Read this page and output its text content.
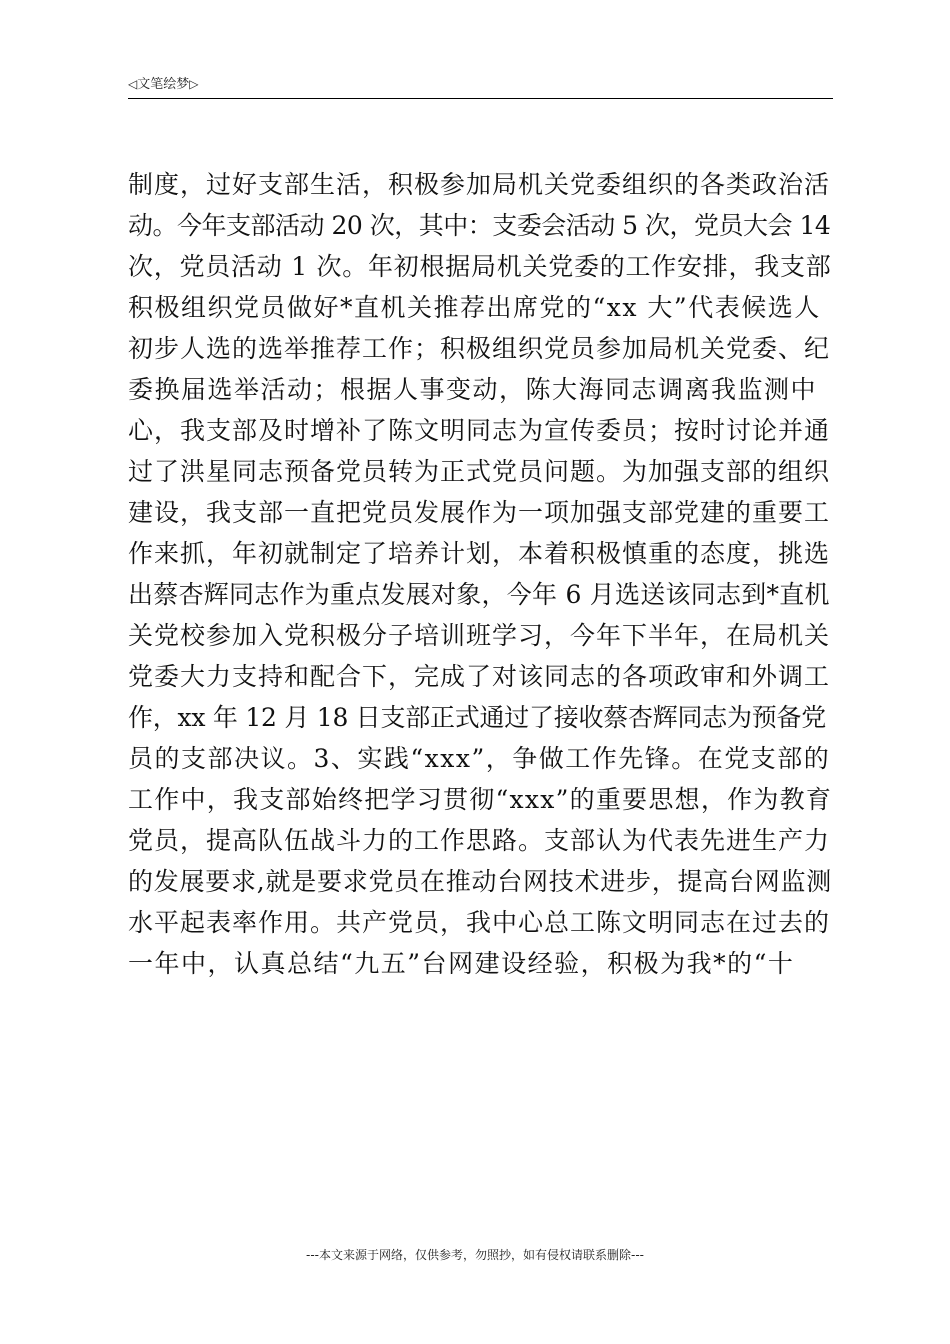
◁文笔绘梦▷
制度，过好支部生活，积极参加局机关党委组织的各类政治活
动。今年支部活动 20 次，其中：支委会活动 5 次，党员大会 14
次，党员活动 1 次。年初根据局机关党委的工作安排，我支部
积极组织党员做好*直机关推荐出席党的“xx 大”代表候选人
初步人选的选举推荐工作；积极组织党员参加局机关党委、纪
委换届选举活动；根据人事变动，陈大海同志调离我监测中
心，我支部及时增补了陈文明同志为宣传委员；按时讨论并通
过了洪星同志预备党员转为正式党员问题。为加强支部的组织
建设，我支部一直把党员发展作为一项加强支部党建的重要工
作来抓，年初就制定了培养计划，本着积极慎重的态度，挑选
出蔡杏辉同志作为重点发展对象，今年 6 月选送该同志到*直机
关党校参加入党积极分子培训班学习，今年下半年，在局机关
党委大力支持和配合下，完成了对该同志的各项政审和外调工
作，xx 年 12 月 18 日支部正式通过了接收蔡杏辉同志为预备党
员的支部决议。3、实践“xxx”，争做工作先锋。在党支部的
工作中，我支部始终把学习贯彻“xxx”的重要思想，作为教育
党员，提高队伍战斗力的工作思路。支部认为代表先进生产力
的发展要求,就是要求党员在推动台网技术进步，提高台网监测
水平起表率作用。共产党员，我中心总工陈文明同志在过去的
一年中，认真总结“九五”台网建设经验，积极为我*的“十
---本文来源于网络，仅供参考，勿照抄，如有侵权请联系删除---
